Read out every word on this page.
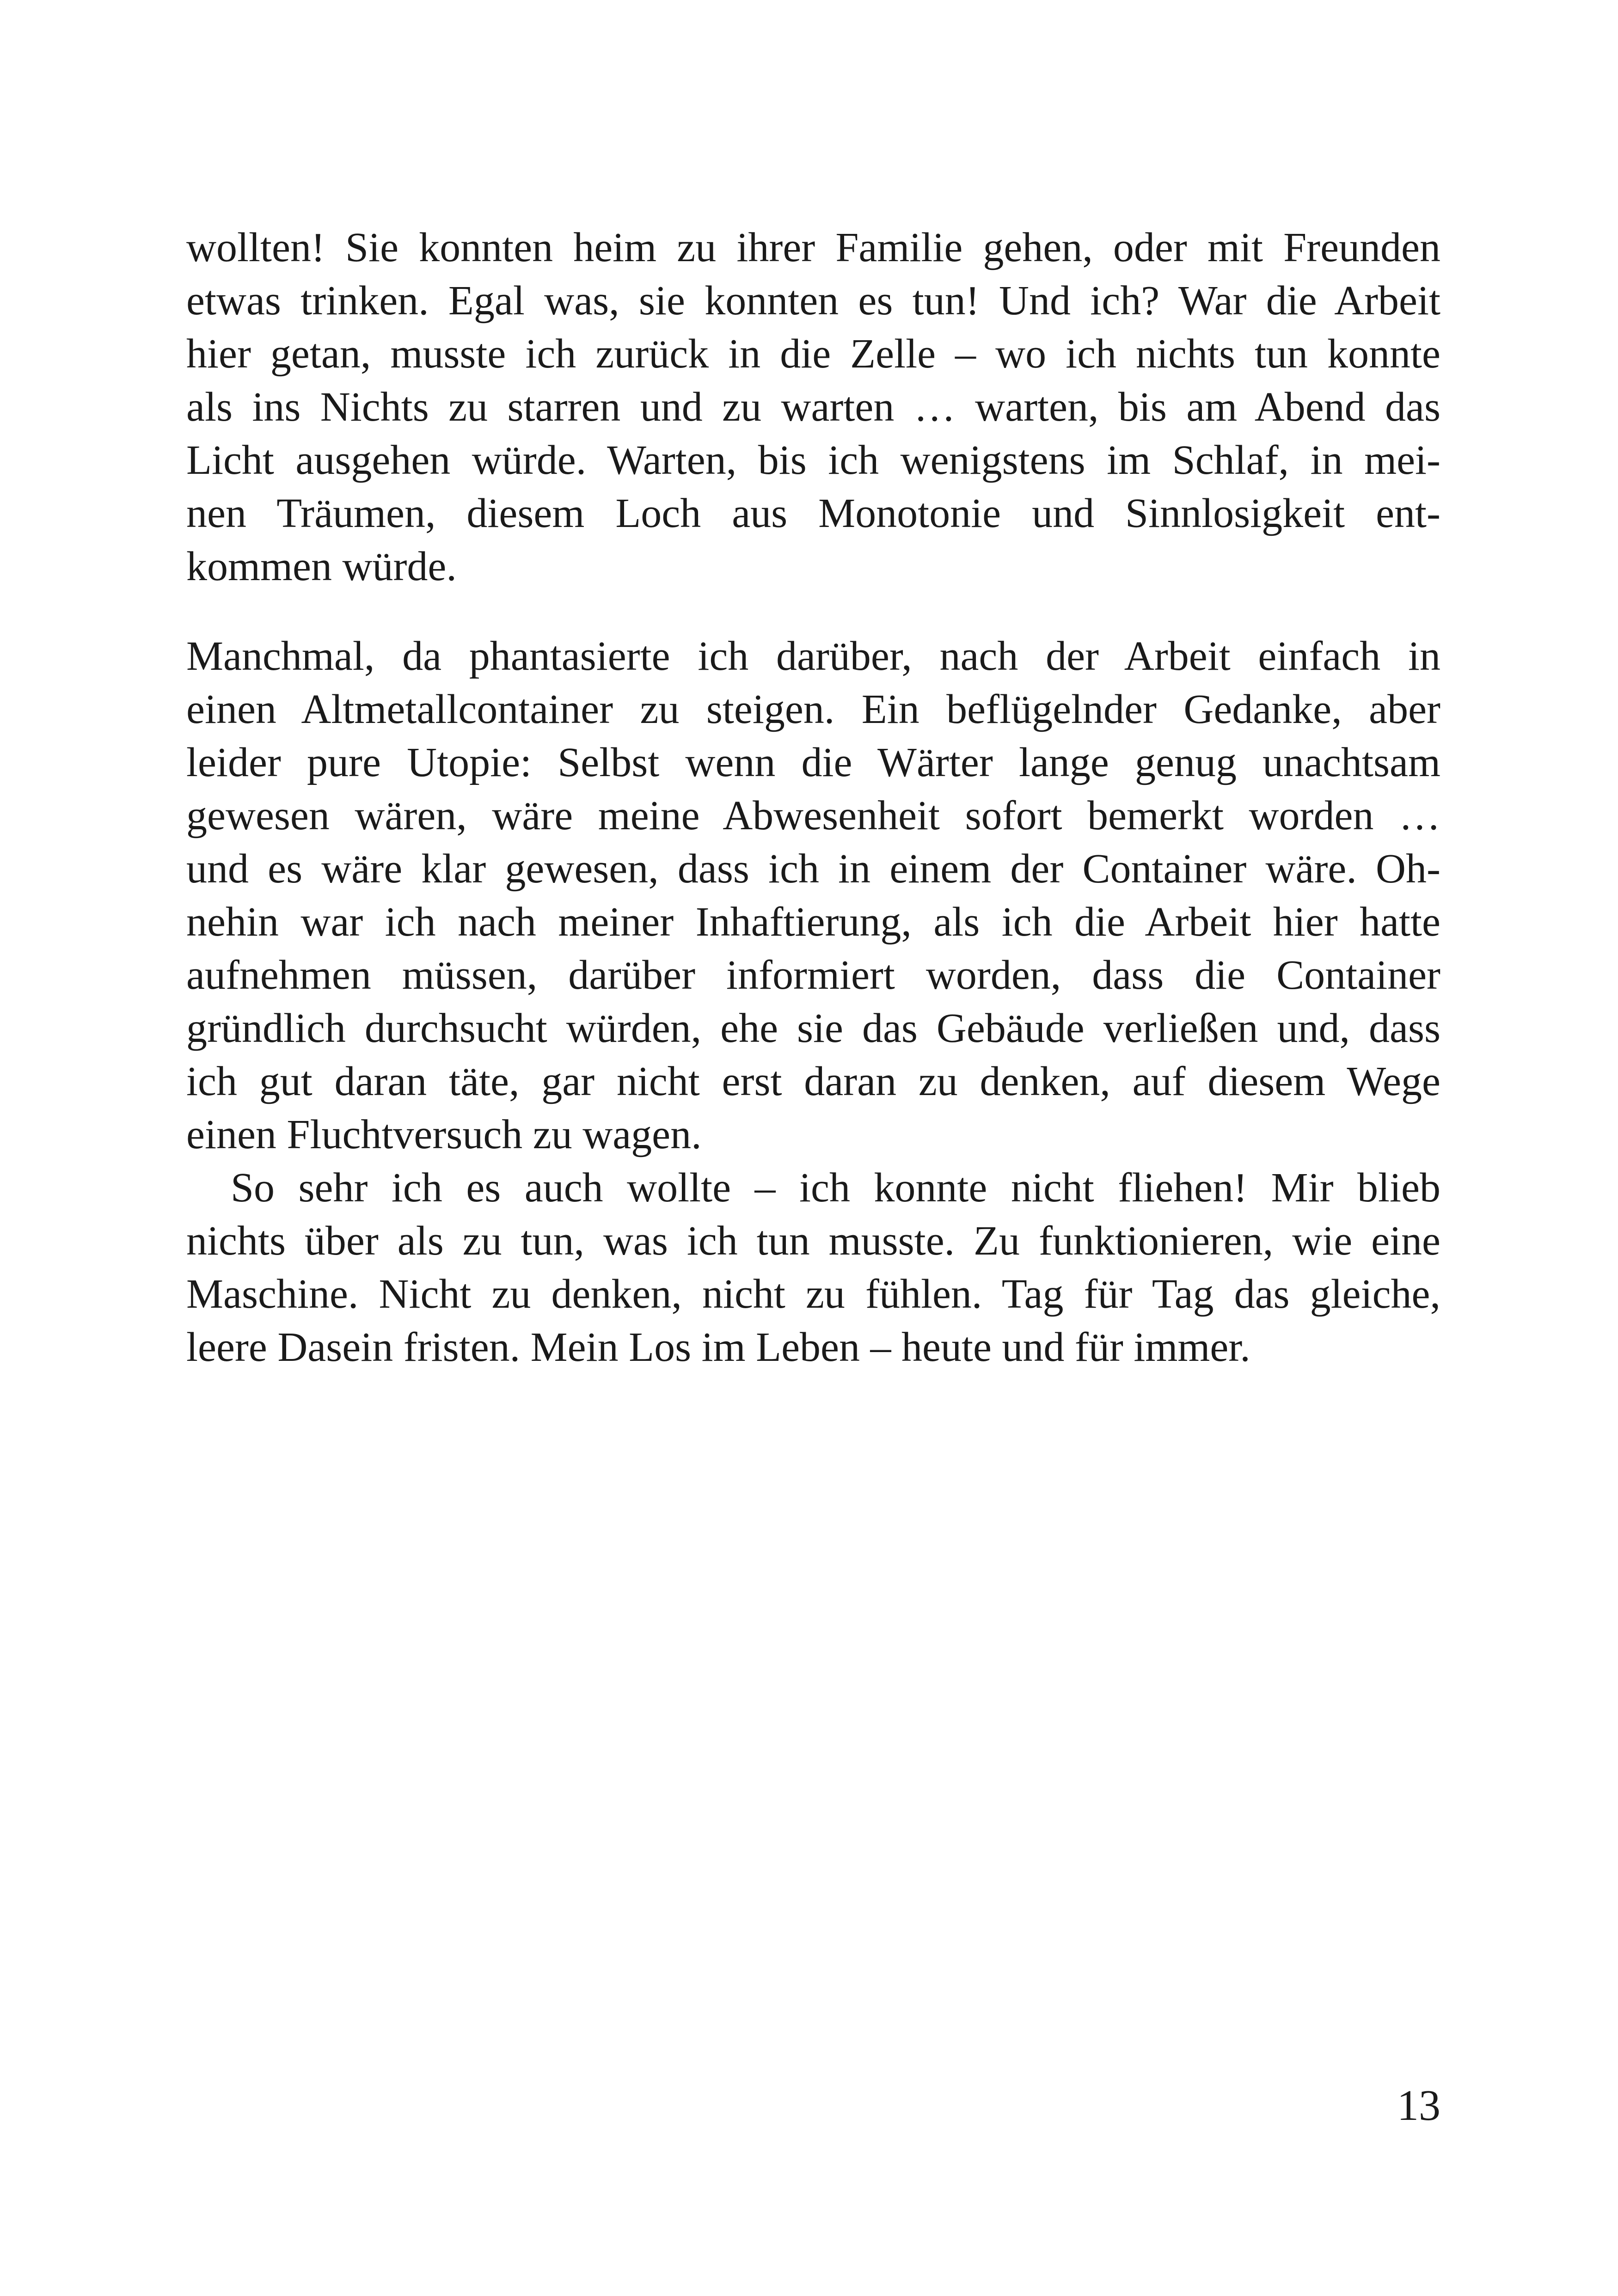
wollten! Sie konnten heim zu ihrer Familie gehen, oder mit Freunden
etwas trinken. Egal was, sie konnten es tun! Und ich? War die Arbeit
hier getan, musste ich zurück in die Zelle – wo ich nichts tun konnte
als ins Nichts zu starren und zu warten … warten, bis am Abend das
Licht ausgehen würde. Warten, bis ich wenigstens im Schlaf, in mei-
nen Träumen, diesem Loch aus Monotonie und Sinnlosigkeit ent-
kommen würde.
Manchmal, da phantasierte ich darüber, nach der Arbeit einfach in
einen Altmetallcontainer zu steigen. Ein beflügelnder Gedanke, aber
leider pure Utopie: Selbst wenn die Wärter lange genug unachtsam
gewesen wären, wäre meine Abwesenheit sofort bemerkt worden …
und es wäre klar gewesen, dass ich in einem der Container wäre. Oh-
nehin war ich nach meiner Inhaftierung, als ich die Arbeit hier hatte
aufnehmen müssen, darüber informiert worden, dass die Container
gründlich durchsucht würden, ehe sie das Gebäude verließen und, dass
ich gut daran täte, gar nicht erst daran zu denken, auf diesem Wege
einen Fluchtversuch zu wagen.
So sehr ich es auch wollte – ich konnte nicht fliehen! Mir blieb
nichts über als zu tun, was ich tun musste. Zu funktionieren, wie eine
Maschine. Nicht zu denken, nicht zu fühlen. Tag für Tag das gleiche,
leere Dasein fristen. Mein Los im Leben – heute und für immer.
13
